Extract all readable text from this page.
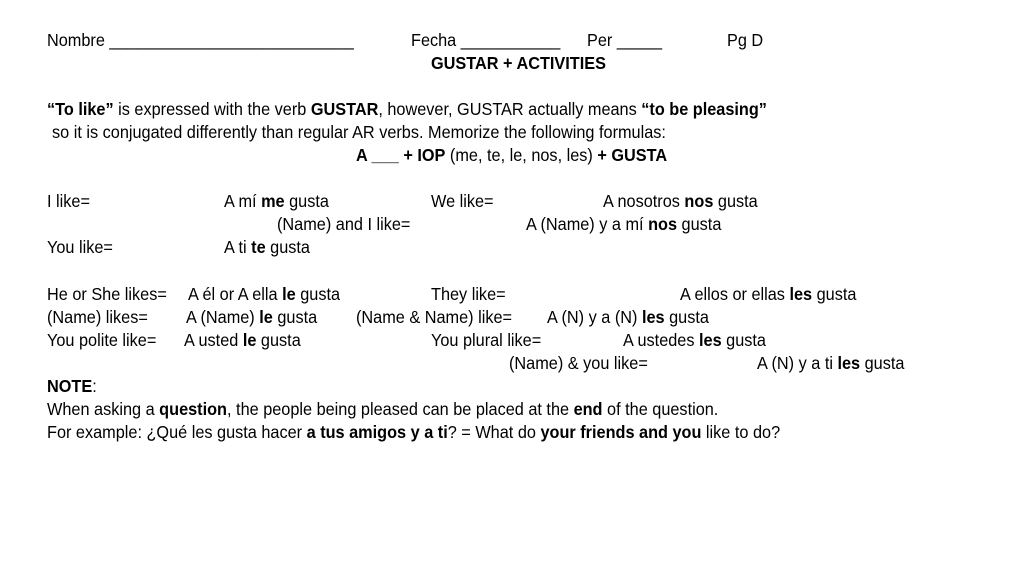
Nombre ___________________________	Fecha ___________ Per _____	Pg D
GUSTAR + ACTIVITIES
“To like” is expressed with the verb GUSTAR, however, GUSTAR actually means “to be pleasing”
so it is conjugated differently than regular AR verbs. Memorize the following formulas:
A ___ + IOP (me, te, le, nos, les) + GUSTA
I like=	A mí me gusta	We like=	A nosotros nos gusta
(Name) and I like=	A (Name) y a mí nos gusta
You like=	A ti te gusta
He or She likes= A él or A ella le gusta	They like=	A ellos or ellas les gusta
(Name) likes= A (Name) le gusta (Name & Name) like= A (N) y a (N) les gusta
You polite like= A usted le gusta	You plural like=	A ustedes les gusta
(Name) & you like=	A (N) y a ti les gusta
NOTE:
When asking a question, the people being pleased can be placed at the end of the question.
For example: ¿Qué les gusta hacer a tus amigos y a ti? = What do your friends and you like to do?
